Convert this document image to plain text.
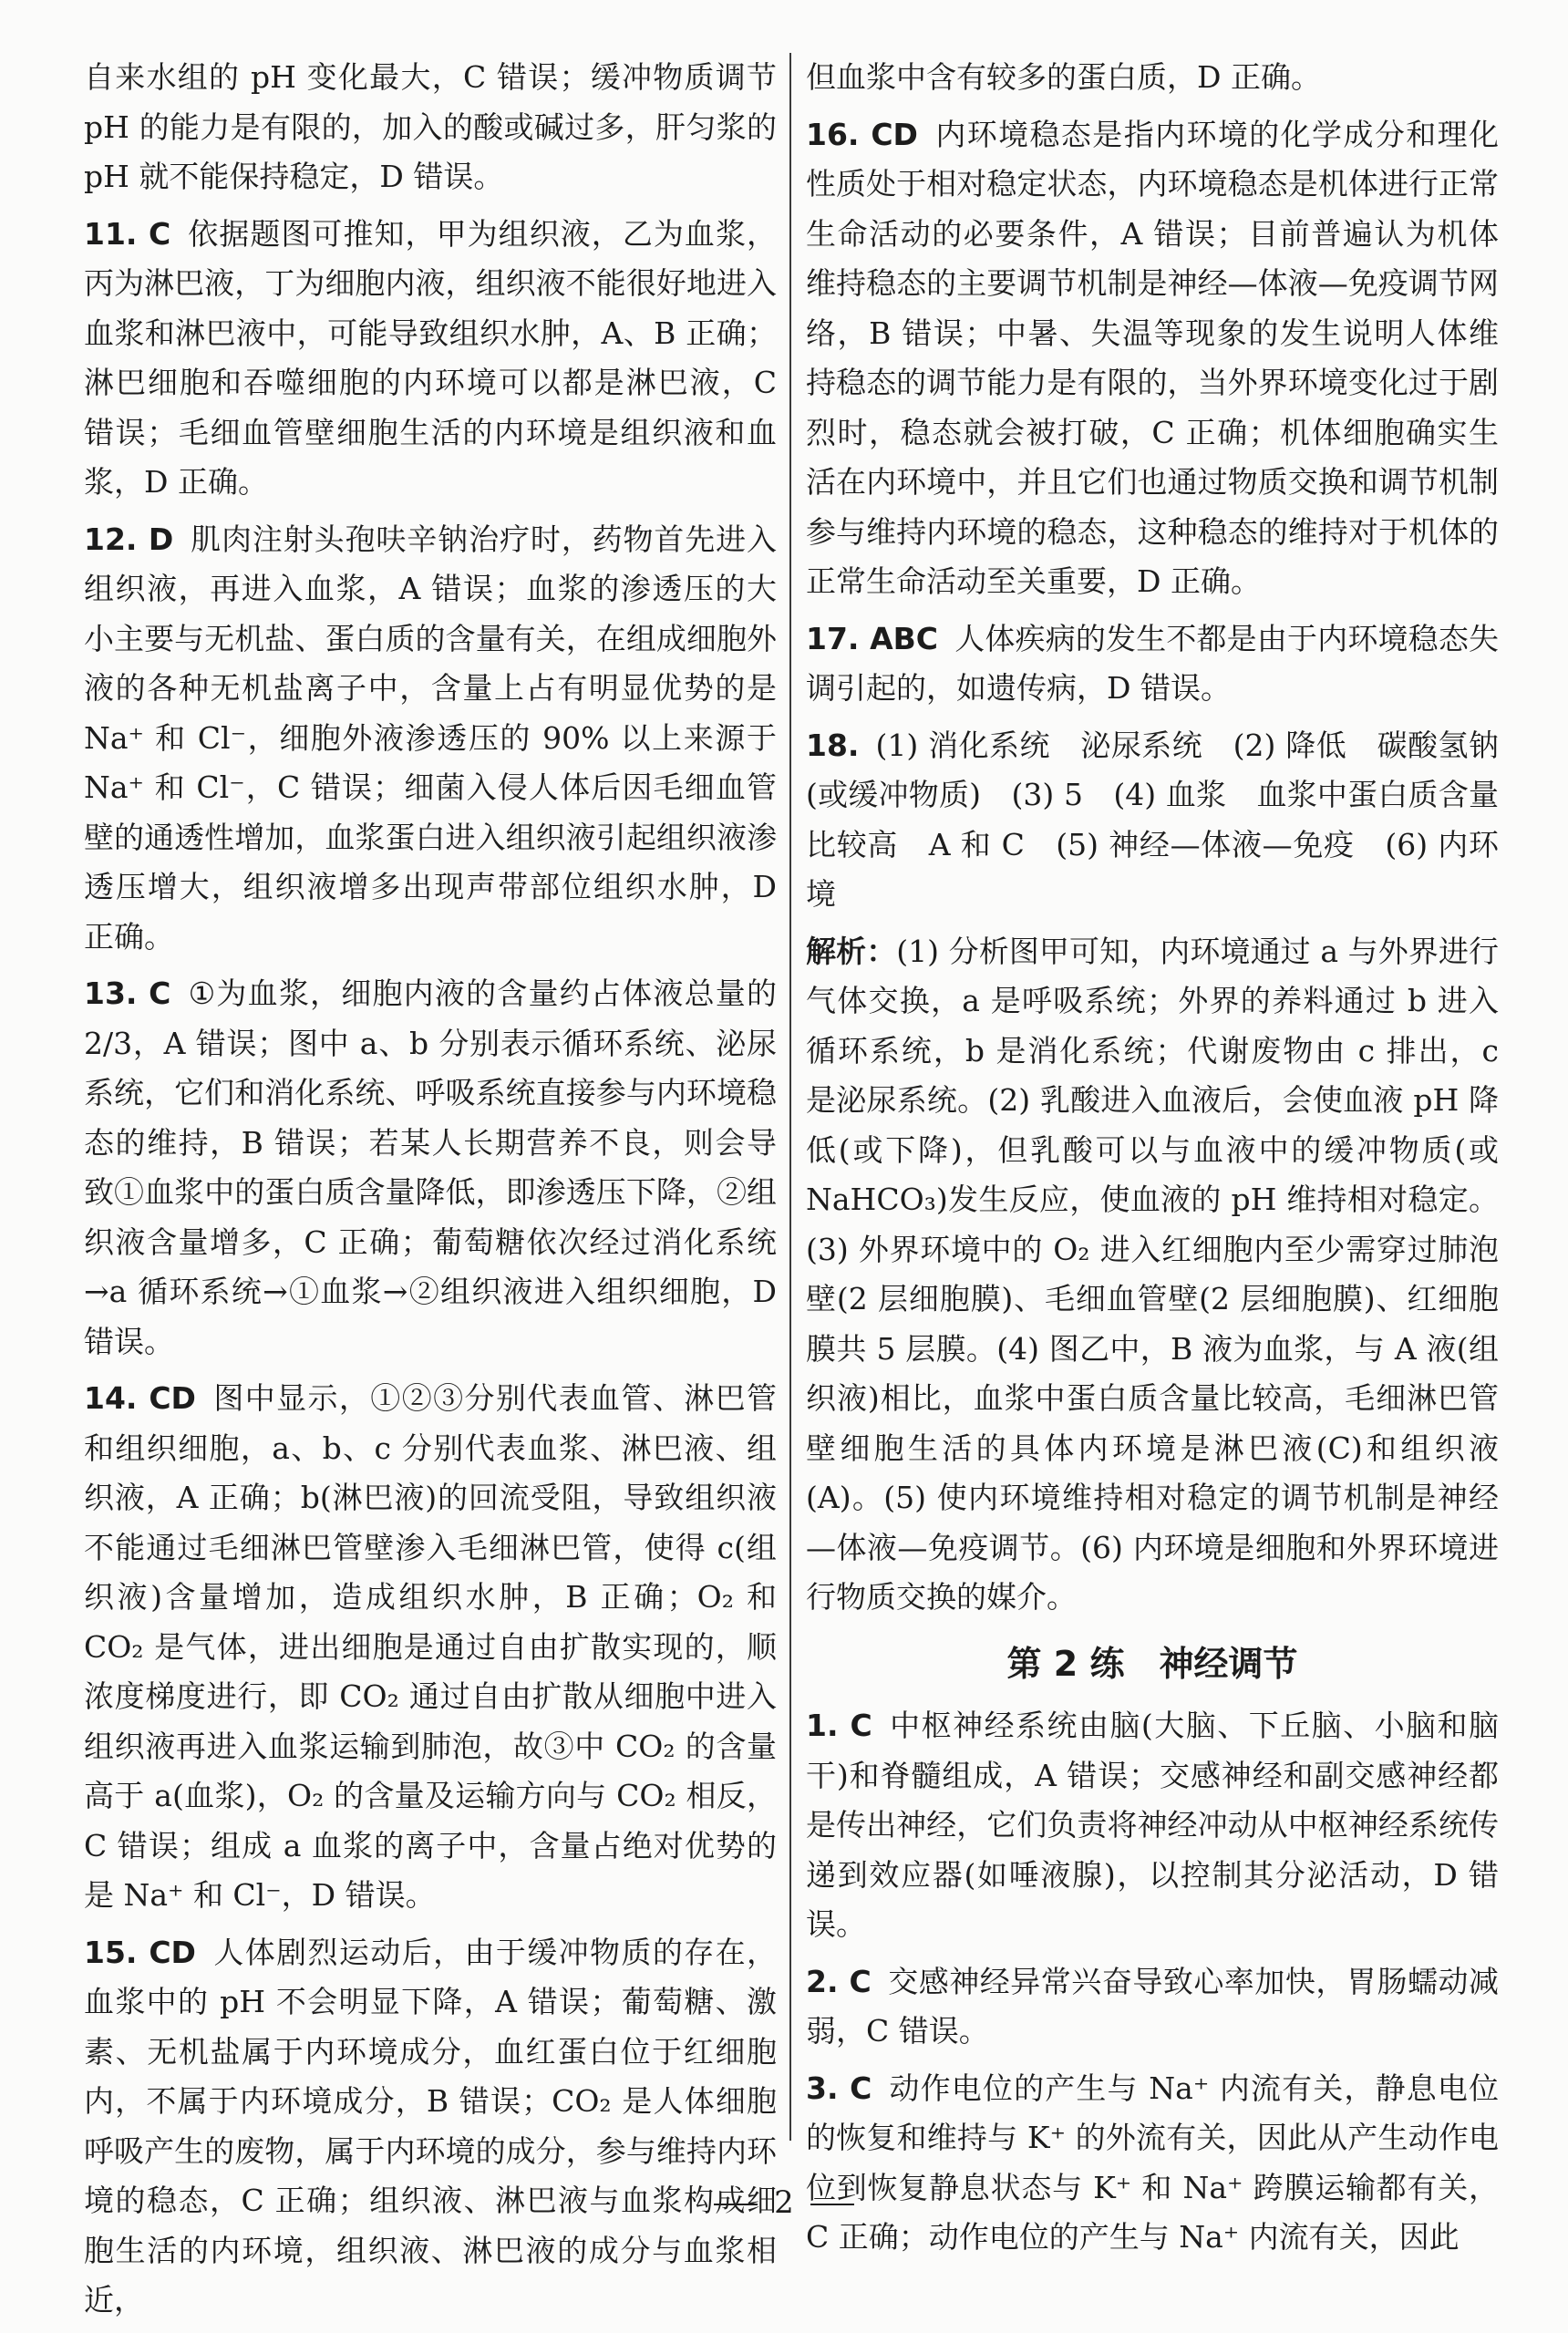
自来水组的 pH 变化最大，C 错误；缓冲物质调节 pH 的能力是有限的，加入的酸或碱过多，肝匀浆的 pH 就不能保持稳定，D 错误。
11. C 依据题图可推知，甲为组织液，乙为血浆，丙为淋巴液，丁为细胞内液，组织液不能很好地进入血浆和淋巴液中，可能导致组织水肿，A、B 正确；淋巴细胞和吞噬细胞的内环境可以都是淋巴液，C 错误；毛细血管壁细胞生活的内环境是组织液和血浆，D 正确。
12. D 肌肉注射头孢呋辛钠治疗时，药物首先进入组织液，再进入血浆，A 错误；血浆的渗透压的大小主要与无机盐、蛋白质的含量有关，在组成细胞外液的各种无机盐离子中，含量上占有明显优势的是 Na⁺ 和 Cl⁻，细胞外液渗透压的 90% 以上来源于 Na⁺ 和 Cl⁻，C 错误；细菌入侵人体后因毛细血管壁的通透性增加，血浆蛋白进入组织液引起组织液渗透压增大，组织液增多出现声带部位组织水肿，D 正确。
13. C ①为血浆，细胞内液的含量约占体液总量的 2/3，A 错误；图中 a、b 分别表示循环系统、泌尿系统，它们和消化系统、呼吸系统直接参与内环境稳态的维持，B 错误；若某人长期营养不良，则会导致①血浆中的蛋白质含量降低，即渗透压下降，②组织液含量增多，C 正确；葡萄糖依次经过消化系统→a 循环系统→①血浆→②组织液进入组织细胞，D 错误。
14. CD 图中显示，①②③分别代表血管、淋巴管和组织细胞，a、b、c 分别代表血浆、淋巴液、组织液，A 正确；b(淋巴液)的回流受阻，导致组织液不能通过毛细淋巴管壁渗入毛细淋巴管，使得 c(组织液)含量增加，造成组织水肿，B 正确；O₂ 和 CO₂ 是气体，进出细胞是通过自由扩散实现的，顺浓度梯度进行，即 CO₂ 通过自由扩散从细胞中进入组织液再进入血浆运输到肺泡，故③中 CO₂ 的含量高于 a(血浆)，O₂ 的含量及运输方向与 CO₂ 相反，C 错误；组成 a 血浆的离子中，含量占绝对优势的是 Na⁺ 和 Cl⁻，D 错误。
15. CD 人体剧烈运动后，由于缓冲物质的存在，血浆中的 pH 不会明显下降，A 错误；葡萄糖、激素、无机盐属于内环境成分，血红蛋白位于红细胞内，不属于内环境成分，B 错误；CO₂ 是人体细胞呼吸产生的废物，属于内环境的成分，参与维持内环境的稳态，C 正确；组织液、淋巴液与血浆构成细胞生活的内环境，组织液、淋巴液的成分与血浆相近，
但血浆中含有较多的蛋白质，D 正确。
16. CD 内环境稳态是指内环境的化学成分和理化性质处于相对稳定状态，内环境稳态是机体进行正常生命活动的必要条件，A 错误；目前普遍认为机体维持稳态的主要调节机制是神经—体液—免疫调节网络，B 错误；中暑、失温等现象的发生说明人体维持稳态的调节能力是有限的，当外界环境变化过于剧烈时，稳态就会被打破，C 正确；机体细胞确实生活在内环境中，并且它们也通过物质交换和调节机制参与维持内环境的稳态，这种稳态的维持对于机体的正常生命活动至关重要，D 正确。
17. ABC 人体疾病的发生不都是由于内环境稳态失调引起的，如遗传病，D 错误。
18. (1) 消化系统　泌尿系统　(2) 降低　碳酸氢钠(或缓冲物质)　(3) 5　(4) 血浆　血浆中蛋白质含量比较高　A 和 C　(5) 神经—体液—免疫　(6) 内环境
解析：(1) 分析图甲可知，内环境通过 a 与外界进行气体交换，a 是呼吸系统；外界的养料通过 b 进入循环系统，b 是消化系统；代谢废物由 c 排出，c 是泌尿系统。(2) 乳酸进入血液后，会使血液 pH 降低(或下降)，但乳酸可以与血液中的缓冲物质(或 NaHCO₃)发生反应，使血液的 pH 维持相对稳定。(3) 外界环境中的 O₂ 进入红细胞内至少需穿过肺泡壁(2 层细胞膜)、毛细血管壁(2 层细胞膜)、红细胞膜共 5 层膜。(4) 图乙中，B 液为血浆，与 A 液(组织液)相比，血浆中蛋白质含量比较高，毛细淋巴管壁细胞生活的具体内环境是淋巴液(C)和组织液(A)。(5) 使内环境维持相对稳定的调节机制是神经—体液—免疫调节。(6) 内环境是细胞和外界环境进行物质交换的媒介。
第 2 练　神经调节
1. C 中枢神经系统由脑(大脑、下丘脑、小脑和脑干)和脊髓组成，A 错误；交感神经和副交感神经都是传出神经，它们负责将神经冲动从中枢神经系统传递到效应器(如唾液腺)，以控制其分泌活动，D 错误。
2. C 交感神经异常兴奋导致心率加快，胃肠蠕动减弱，C 错误。
3. C 动作电位的产生与 Na⁺ 内流有关，静息电位的恢复和维持与 K⁺ 的外流有关，因此从产生动作电位到恢复静息状态与 K⁺ 和 Na⁺ 跨膜运输都有关，C 正确；动作电位的产生与 Na⁺ 内流有关，因此
2
